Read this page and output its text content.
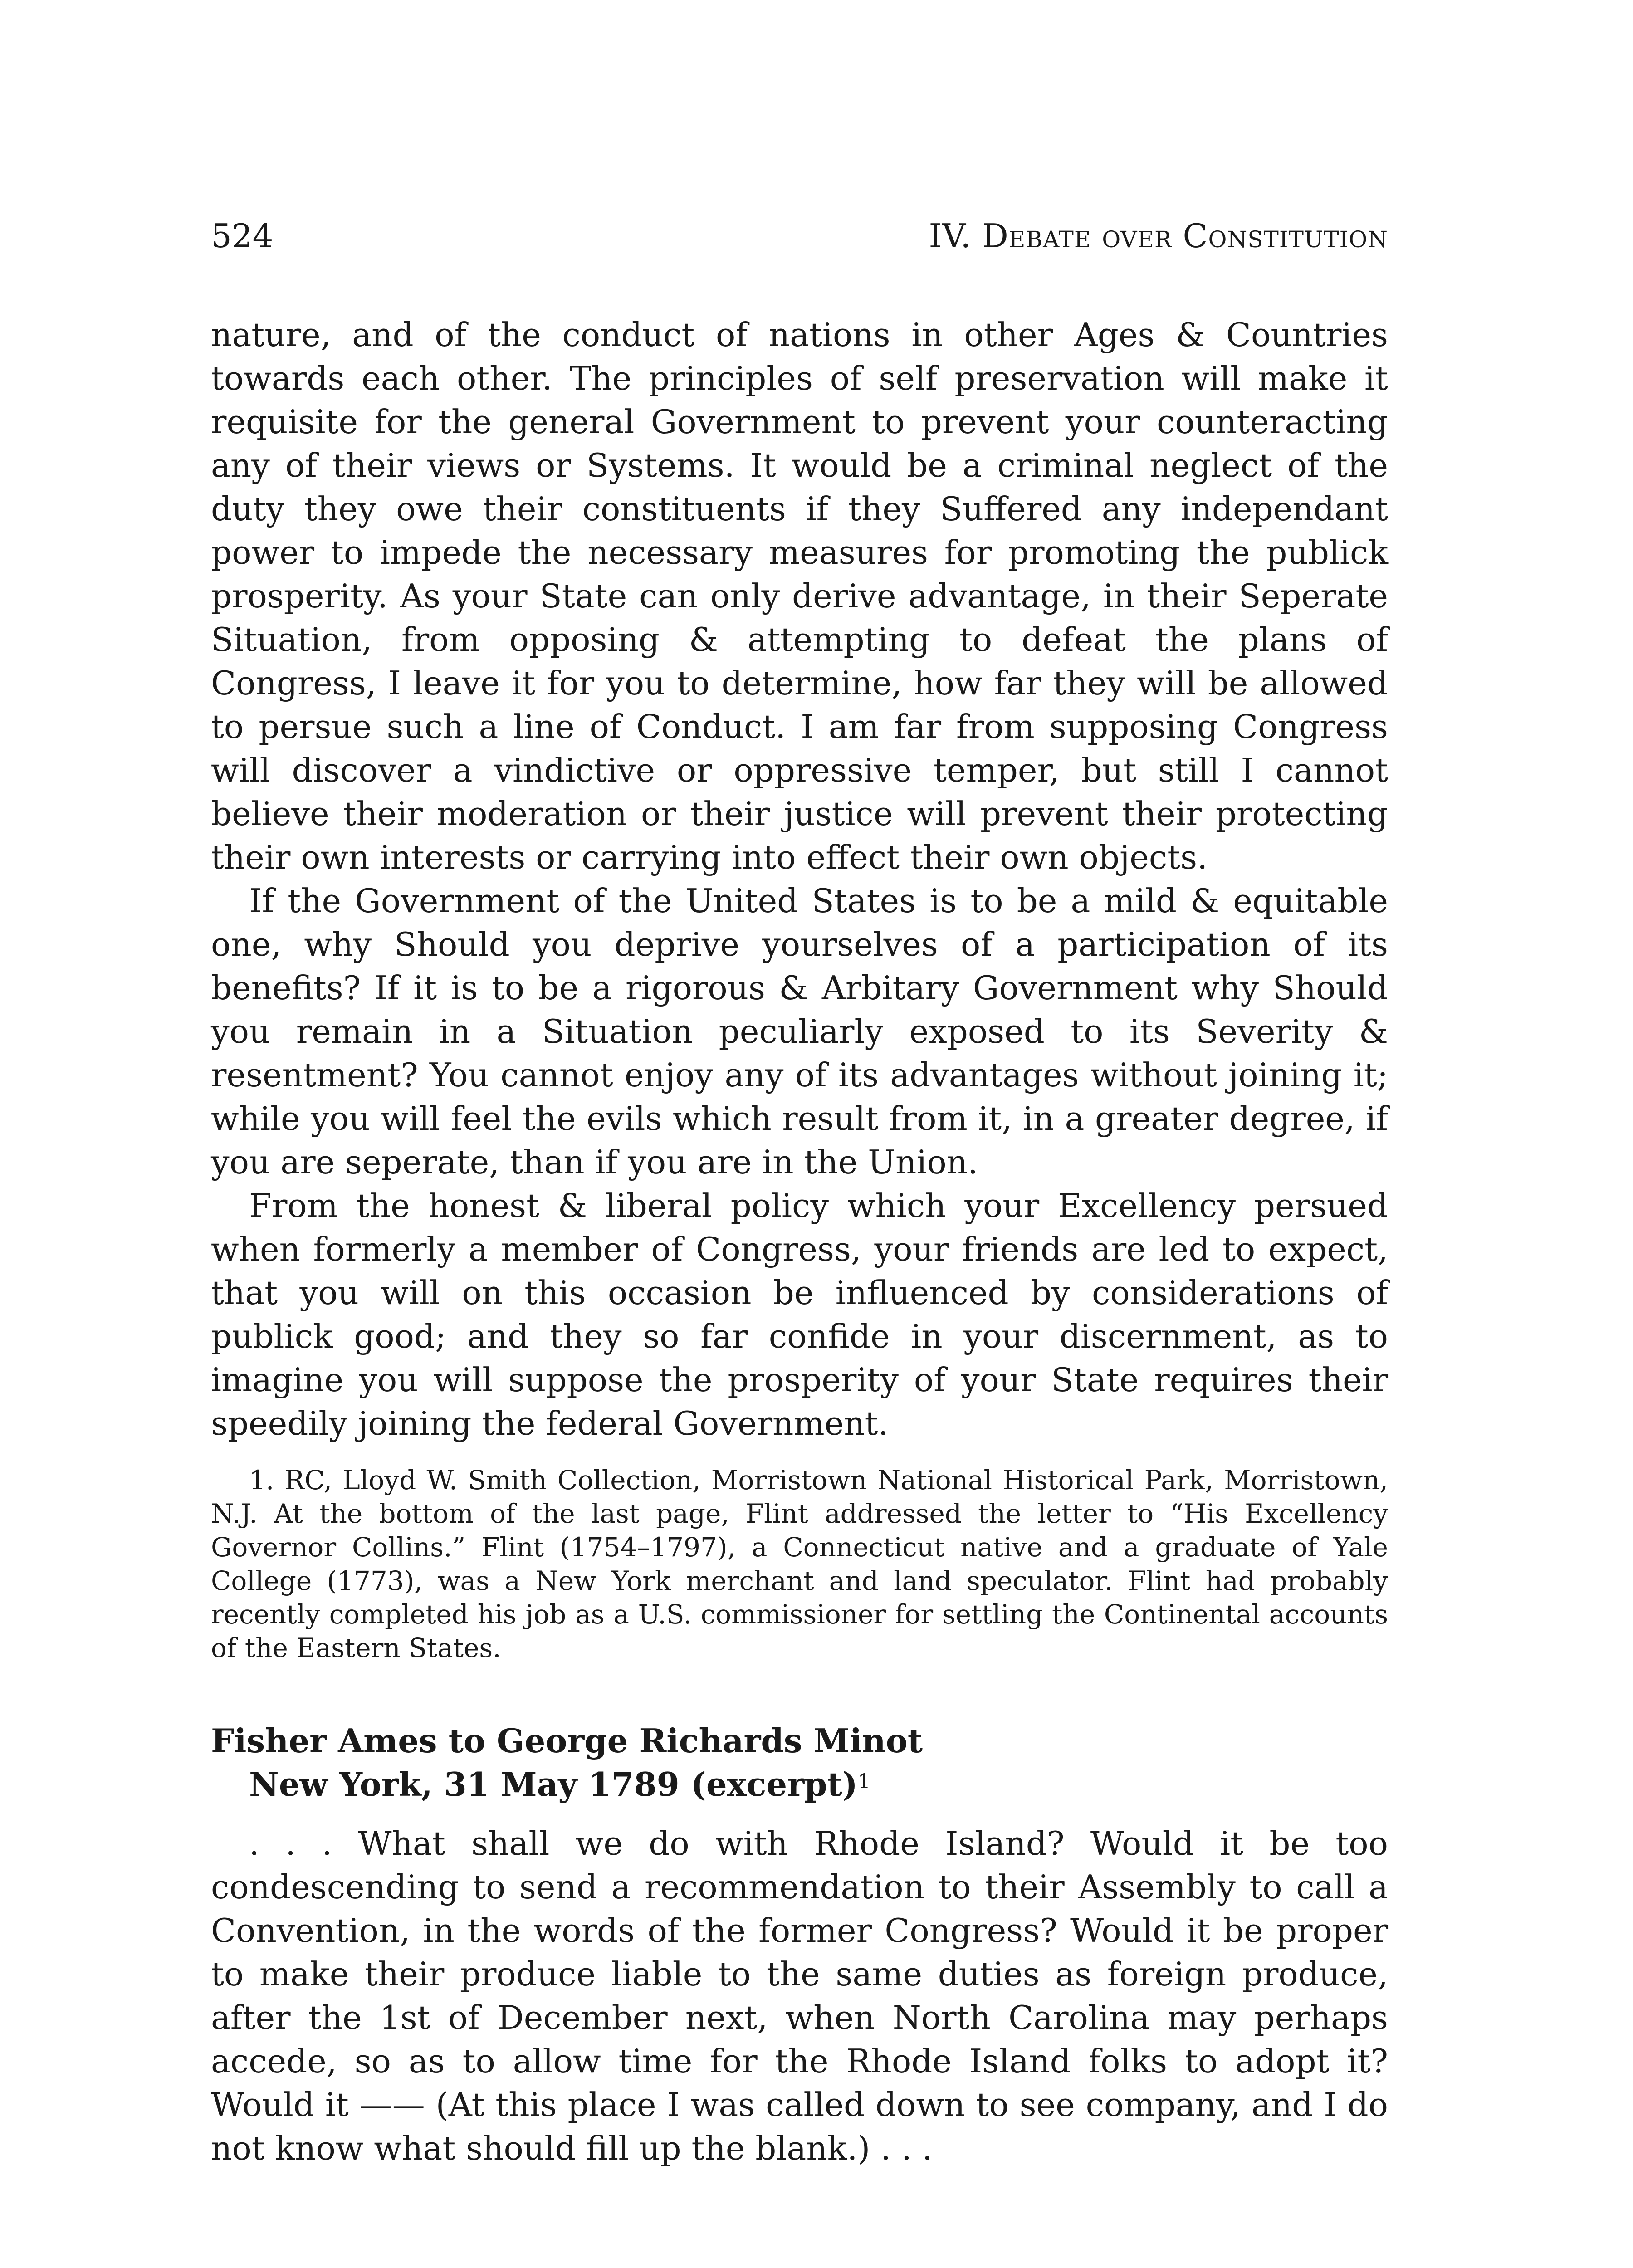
524	IV. Debate over Constitution

nature, and of the conduct of nations in other Ages & Countries towards each other. The principles of self preservation will make it requisite for the general Government to prevent your counteracting any of their views or Systems. It would be a criminal neglect of the duty they owe their constituents if they Suffered any independant power to impede the necessary measures for promoting the publick prosperity. As your State can only derive advantage, in their Seperate Situation, from opposing & attempting to defeat the plans of Congress, I leave it for you to determine, how far they will be allowed to persue such a line of Conduct. I am far from supposing Congress will discover a vindictive or oppressive temper, but still I cannot believe their moderation or their justice will prevent their protecting their own interests or carrying into effect their own objects.

If the Government of the United States is to be a mild & equitable one, why Should you deprive yourselves of a participation of its benefits? If it is to be a rigorous & Arbitary Government why Should you remain in a Situation peculiarly exposed to its Severity & resentment? You cannot enjoy any of its advantages without joining it; while you will feel the evils which result from it, in a greater degree, if you are seperate, than if you are in the Union.

From the honest & liberal policy which your Excellency persued when formerly a member of Congress, your friends are led to expect, that you will on this occasion be influenced by considerations of publick good; and they so far confide in your discernment, as to imagine you will suppose the prosperity of your State requires their speedily joining the federal Government.

1. RC, Lloyd W. Smith Collection, Morristown National Historical Park, Morristown, N.J. At the bottom of the last page, Flint addressed the letter to “His Excellency Governor Collins.” Flint (1754–1797), a Connecticut native and a graduate of Yale College (1773), was a New York merchant and land speculator. Flint had probably recently completed his job as a U.S. commissioner for settling the Continental accounts of the Eastern States.
Fisher Ames to George Richards Minot
New York, 31 May 1789 (excerpt)$^1$

. . . What shall we do with Rhode Island? Would it be too condescending to send a recommendation to their Assembly to call a Convention, in the words of the former Congress? Would it be proper to make their produce liable to the same duties as foreign produce, after the 1st of December next, when North Carolina may perhaps accede, so as to allow time for the Rhode Island folks to adopt it? Would it —— (At this place I was called down to see company, and I do not know what should fill up the blank.) . . .
